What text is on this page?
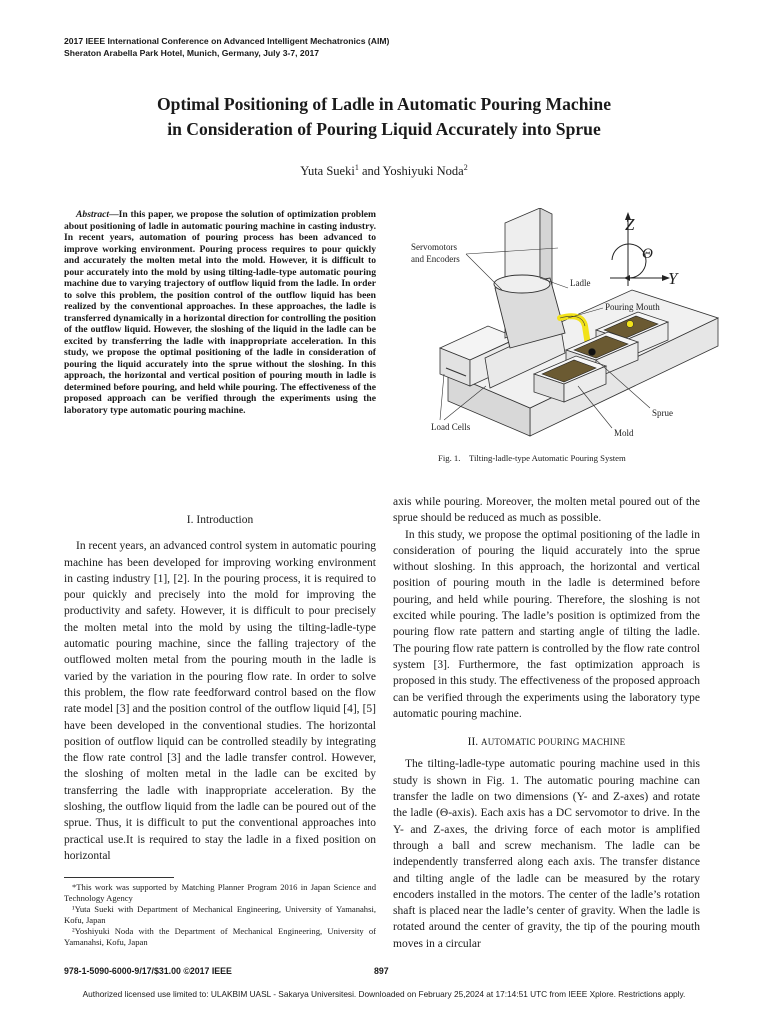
2017 IEEE International Conference on Advanced Intelligent Mechatronics (AIM)
Sheraton Arabella Park Hotel, Munich, Germany, July 3-7, 2017
Optimal Positioning of Ladle in Automatic Pouring Machine
in Consideration of Pouring Liquid Accurately into Sprue
Yuta Sueki$^1$ and Yoshiyuki Noda$^2$
Abstract—In this paper, we propose the solution of optimization problem about positioning of ladle in automatic pouring machine in casting industry. In recent years, automation of pouring process has been advanced to improve working environment. Pouring process requires to pour quickly and accurately the molten metal into the mold. However, it is difficult to pour accurately into the mold by using tilting-ladle-type automatic pouring machine due to varying trajectory of outflow liquid from the ladle. In order to solve this problem, the position control of the outflow liquid has been realized by the conventional approaches. In these approaches, the ladle is transferred dynamically in a horizontal direction for controlling the position of the outflow liquid. However, the sloshing of the liquid in the ladle can be excited by transferring the ladle with inappropriate acceleration. In this study, we propose the optimal positioning of the ladle in consideration of pouring the liquid accurately into the sprue without the sloshing. In this approach, the horizontal and vertical position of pouring mouth in ladle is determined before pouring, and held while pouring. The effectiveness of the proposed approach can be verified through the experiments using the laboratory type automatic pouring machine.
I. Introduction

In recent years, an advanced control system in automatic pouring machine has been developed for improving working environment in casting industry [1], [2]. In the pouring process, it is required to pour quickly and precisely into the mold for improving the productivity and safety. However, it is difficult to pour precisely the molten metal into the mold by using the tilting-ladle-type automatic pouring machine, since the falling trajectory of the outflowed molten metal from the pouring mouth in the ladle is varied by the variation in the pouring flow rate. In order to solve this problem, the flow rate feedforward control based on the flow rate model [3] and the position control of the outflow liquid [4], [5] have been developed in the conventional studies. The horizontal position of outflow liquid can be controlled steadily by integrating the flow rate control [3] and the ladle transfer control. However, the sloshing of molten metal in the ladle can be excited by transferring the ladle with inappropriate acceleration. By the sloshing, the outflow liquid from the ladle can be poured out of the sprue. Thus, it is difficult to put the conventional approaches into practical use.It is required to stay the ladle in a fixed position on horizontal

*This work was supported by Matching Planner Program 2016 in Japan Science and Technology Agency
¹Yuta Sueki with Department of Mechanical Engineering, University of Yamanahsi, Kofu, Japan
²Yoshiyuki Noda with the Department of Mechanical Engineering, University of Yamanahsi, Kofu, Japan
Servomotors
and Encoders
Ladle
Pouring Mouth
Sprue
Mold
Load Cells
Z
Θ
Y
Fig. 1.    Tilting-ladle-type Automatic Pouring System
axis while pouring. Moreover, the molten metal poured out of the sprue should be reduced as much as possible.

In this study, we propose the optimal positioning of the ladle in consideration of pouring the liquid accurately into the sprue without sloshing. In this approach, the horizontal and vertical position of pouring mouth in the ladle is determined before pouring, and held while pouring. Therefore, the sloshing is not excited while pouring. The ladle’s position is optimized from the pouring flow rate pattern and starting angle of tilting the ladle. The pouring flow rate pattern is controlled by the flow rate control system [3]. Furthermore, the fast optimization approach is proposed in this study. The effectiveness of the proposed approach can be verified through the experiments using the laboratory type automatic pouring machine.

II. AUTOMATIC POURING MACHINE

The tilting-ladle-type automatic pouring machine used in this study is shown in Fig. 1. The automatic pouring machine can transfer the ladle on two dimensions (Y- and Z-axes) and rotate the ladle (Θ-axis). Each axis has a DC servomotor to drive. In the Y- and Z-axes, the driving force of each motor is amplified through a ball and screw mechanism. The ladle can be independently transferred along each axis. The transfer distance and tilting angle of the ladle can be measured by the rotary encoders installed in the motors. The center of the ladle’s rotation shaft is placed near the ladle’s center of gravity. When the ladle is rotated around the center of gravity, the tip of the pouring mouth moves in a circular

978-1-5090-6000-9/17/$31.00 ©2017 IEEE	897
Authorized licensed use limited to: ULAKBIM UASL - Sakarya Universitesi. Downloaded on February 25,2024 at 17:14:51 UTC from IEEE Xplore. Restrictions apply.
